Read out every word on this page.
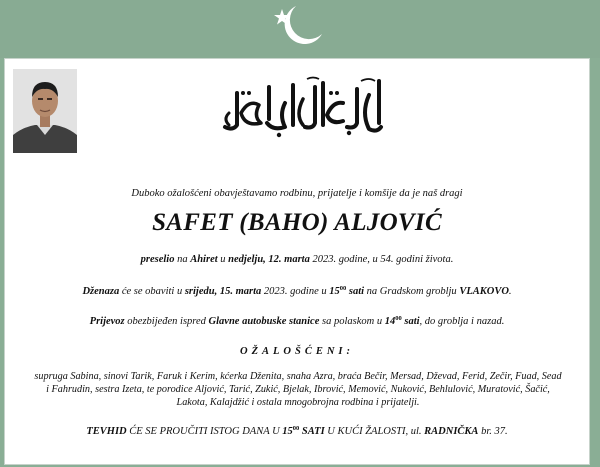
Duboko ožalošćeni obavještavamo rodbinu, prijatelje i komšije da je naš dragi
SAFET (BAHO) ALJOVIĆ
preselio na Ahiret u nedjelju, 12. marta 2023. godine, u 54. godini života.
Dženaza će se obaviti u srijedu, 15. marta 2023. godine u $15^{00}$ sati na Gradskom groblju VLAKOVO.
Prijevoz obezbijeđen ispred Glavne autobuske stanice sa polaskom u $14^{00}$ sati, do groblja i nazad.
OŽALOŠĆENI:
supruga Sabina, sinovi Tarik, Faruk i Kerim, kćerka Dženita, snaha Azra, braća Bečir, Mersad, Dževad, Ferid, Zečir, Fuad, Sead
i Fahrudin, sestra Izeta, te porodice Aljović, Tarić, Zukić, Bjelak, Ibrović, Memović, Nuković, Behlulović, Muratović, Šačić,
Lakota, Kalajdžić i ostala mnogobrojna rodbina i prijatelji.
TEVHID ĆE SE PROUČITI ISTOG DANA U $15^{00}$ SATI U KUĆI ŽALOSTI, ul. RADNIČKA br. 37.
